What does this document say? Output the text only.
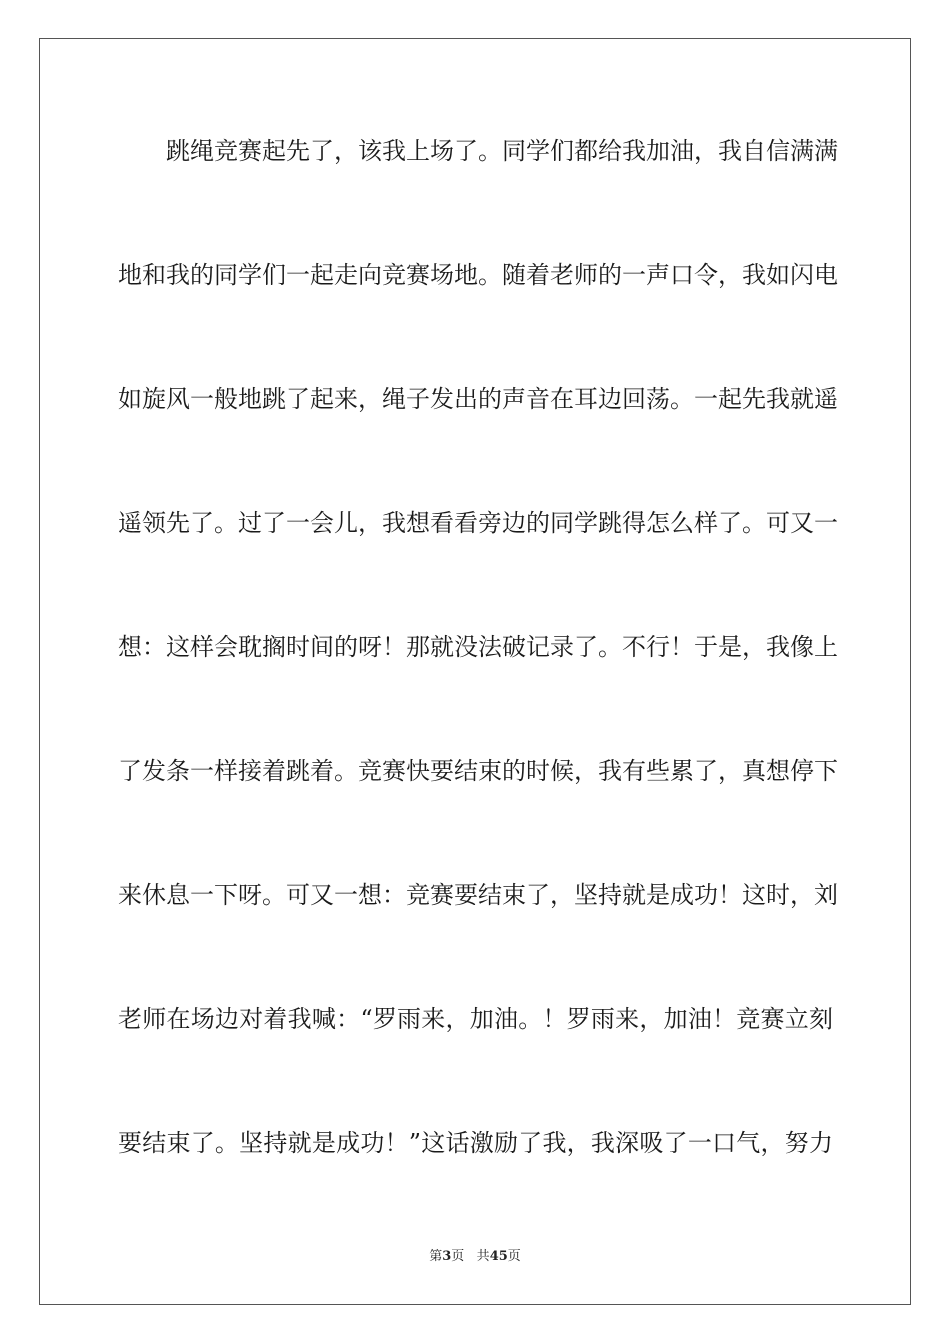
跳绳竞赛起先了，该我上场了。同学们都给我加油，我自信满满
地和我的同学们一起走向竞赛场地。随着老师的一声口令，我如闪电
如旋风一般地跳了起来，绳子发出的声音在耳边回荡。一起先我就遥
遥领先了。过了一会儿，我想看看旁边的同学跳得怎么样了。可又一
想：这样会耽搁时间的呀！那就没法破记录了。不行！于是，我像上
了发条一样接着跳着。竞赛快要结束的时候，我有些累了，真想停下
来休息一下呀。可又一想：竞赛要结束了，坚持就是成功！这时，刘
老师在场边对着我喊：“罗雨来，加油。！罗雨来，加油！竞赛立刻
要结束了。坚持就是成功！”这话激励了我，我深吸了一口气，努力
第3页 共45页
